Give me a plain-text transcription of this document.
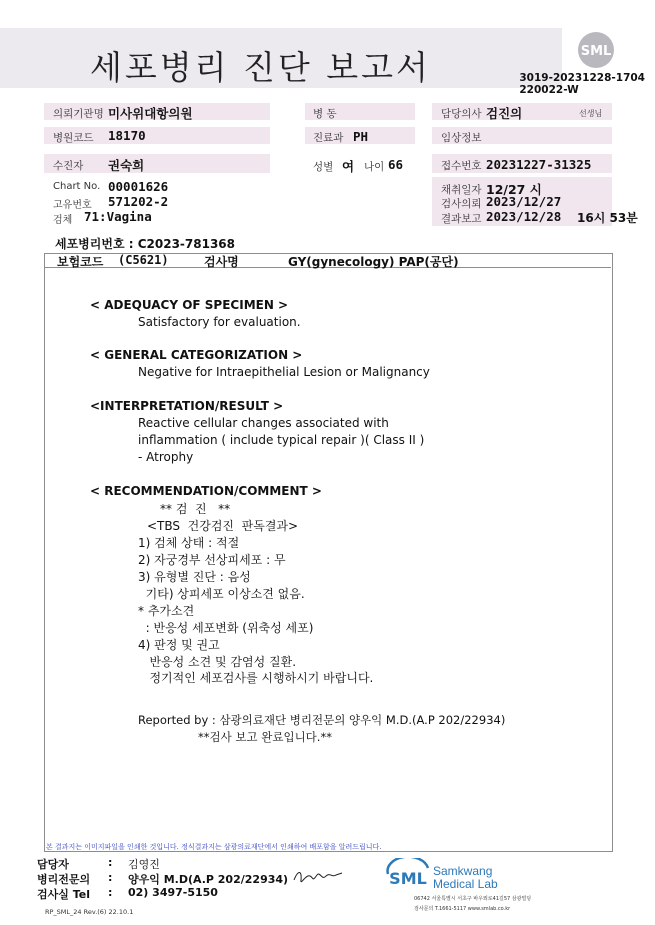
세포병리 진단 보고서	SML
3019-20231228-1704
220022-W
의뢰기관명 미사위대항의원	병 동	담당의사 검진의	선생님
병원코드 18170	진료과 PH	임상정보
수진자 권숙희	성별 여 나이 66	접수번호 20231227-31325
Chart No. 00001626
고유번호 571202-2
검체 71:Vagina
채취일자 12/27 시
검사의뢰 2023/12/27
결과보고 2023/12/28 16시 53분
세포병리번호 : C2023-781368
보험코드 (C5621)	검사명	GY(gynecology) PAP(공단)
< ADEQUACY OF SPECIMEN >
Satisfactory for evaluation.
< GENERAL CATEGORIZATION >
Negative for Intraepithelial Lesion or Malignancy
<INTERPRETATION/RESULT >
Reactive cellular changes associated with
inflammation ( include typical repair )( Class II )
- Atrophy
< RECOMMENDATION/COMMENT >
** 검  진   **
<TBS  건강검진  판독결과>
1) 검체 상태 : 적절
2) 자궁경부 선상피세포 : 무
3) 유형별 진단 : 음성
기타) 상피세포 이상소견 없음.
* 추가소견
: 반응성 세포변화 (위축성 세포)
4) 판정 및 권고
반응성 소견 및 감염성 질환.
정기적인 세포검사를 시행하시기 바랍니다.
Reported by : 삼광의료재단 병리전문의 양우익 M.D.(A.P 202/22934)
**검사 보고 완료입니다.**
본 결과지는 이미지파일을 인쇄한 것입니다. 정식결과지는 삼광의료재단에서 인쇄하여 배포함을 알려드립니다.
담당자	: 김영진
병리전문의 : 양우익 M.D(A.P 202/22934)
검사실 Tel : 02) 3497-5150
SML Samkwang
Medical Lab
06742 서울특별시 서초구 바우뫼로41길57 삼광빌딩
검사문의 T.1661-5117 www.smlab.co.kr
RP_SML_24 Rev.(6) 22.10.1
